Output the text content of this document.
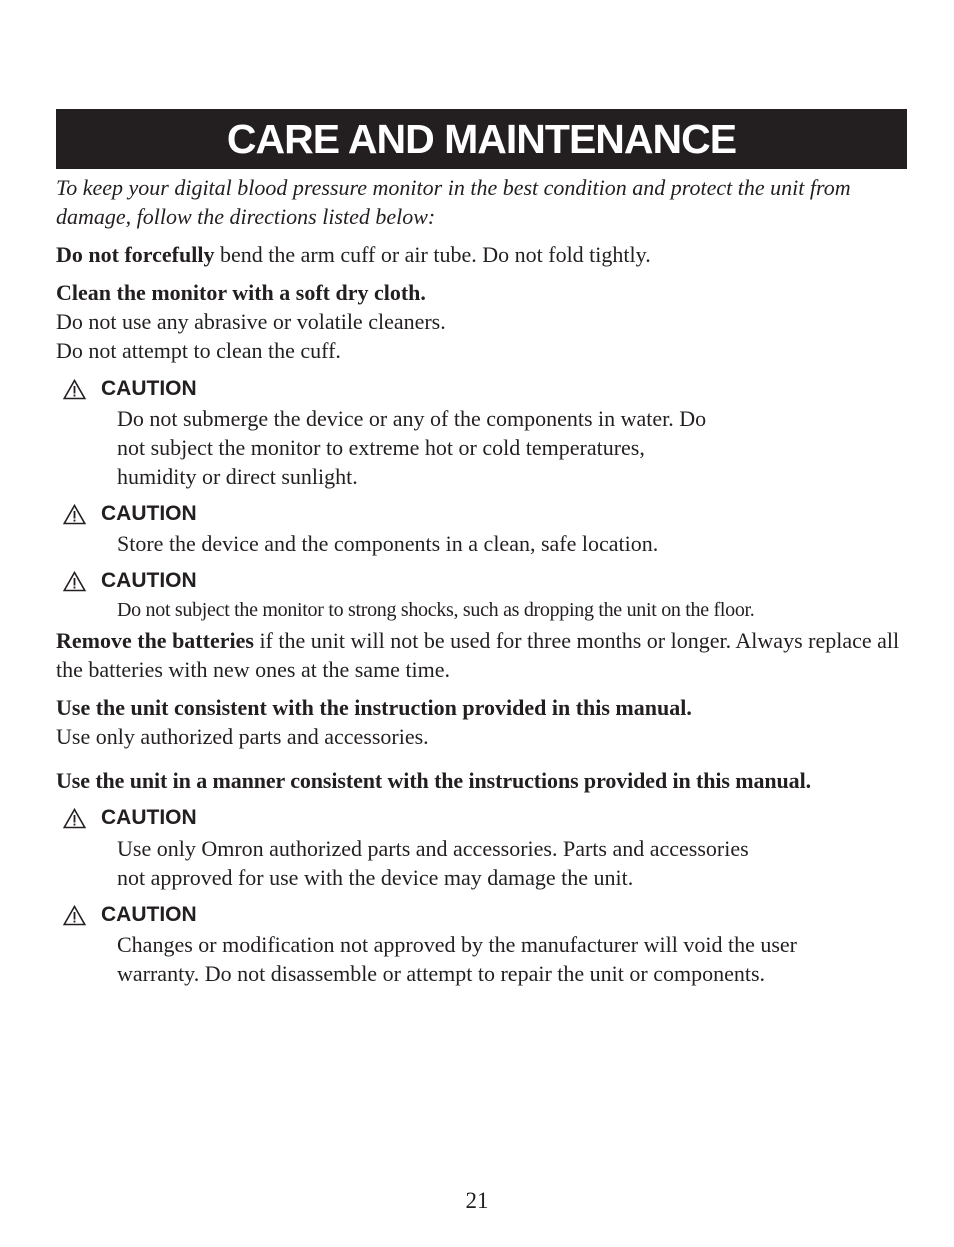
CARE AND MAINTENANCE

To keep your digital blood pressure monitor in the best condition and protect the unit from damage, follow the directions listed below:

Do not forcefully bend the arm cuff or air tube. Do not fold tightly.

Clean the monitor with a soft dry cloth.

Do not use any abrasive or volatile cleaners.

Do not attempt to clean the cuff.

CAUTION

Do not submerge the device or any of the components in water. Do

not subject the monitor to extreme hot or cold temperatures,

humidity or direct sunlight.

CAUTION

Store the device and the components in a clean, safe location.

CAUTION

Do not subject the monitor to strong shocks, such as dropping the unit on the floor.

Remove the batteries if the unit will not be used for three months or longer. Always replace all the batteries with new ones at the same time.

Use the unit consistent with the instruction provided in this manual.

Use only authorized parts and accessories.

Use the unit in a manner consistent with the instructions provided in this manual.

CAUTION

Use only Omron authorized parts and accessories. Parts and accessories

not approved for use with the device may damage the unit.

CAUTION

Changes or modification not approved by the manufacturer will void the user

warranty. Do not disassemble or attempt to repair the unit or components.

21
